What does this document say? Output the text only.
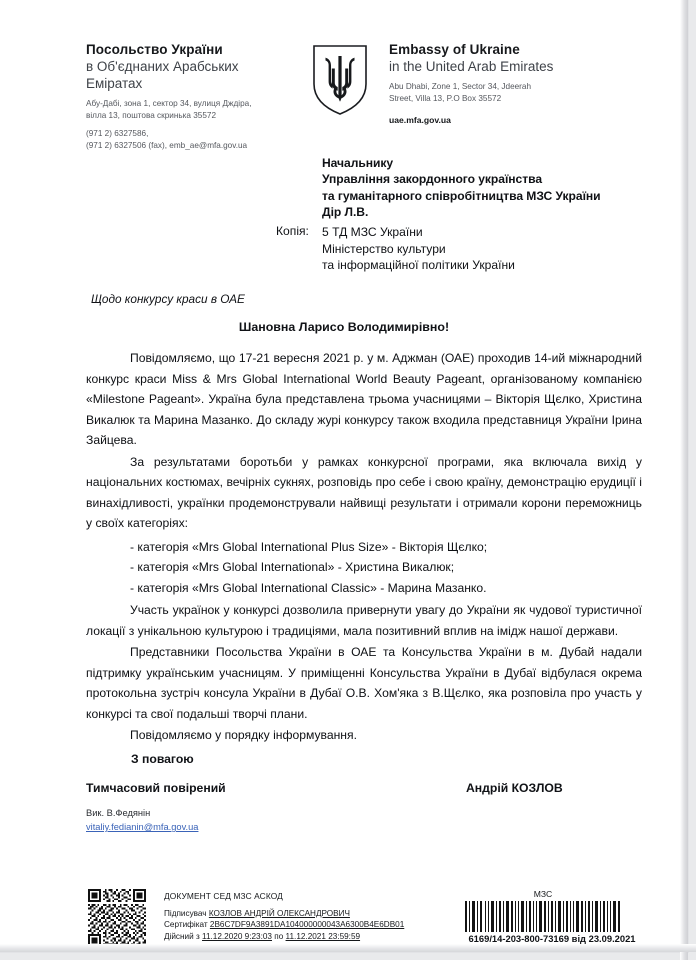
Посольство України
в Об'єднаних Арабських
Еміратах
Абу-Дабі, зона 1, сектор 34, вулиця Дждіра,
вілла 13, поштова скринька 35572
(971 2) 6327586,
(971 2) 6327506 (fax), emb_ae@mfa.gov.ua
Embassy of Ukraine
in the United Arab Emirates
Abu Dhabi, Zone 1, Sector 34, Jdeerah
Street, Villa 13, P.O Box 35572
uae.mfa.gov.ua
Начальнику
Управління закордонного українства
та гуманітарного співробітництва МЗС України
Дір Л.В.
Копія: 5 ТД МЗС України
Міністерство культури
та інформаційної політики України
Щодо конкурсу краси в ОАЕ
Шановна Ларисо Володимирівно!

Повідомляємо, що 17-21 вересня 2021 р. у м. Аджман (ОАЕ) проходив 14-ий міжнародний конкурс краси Miss & Mrs Global International World Beauty Pageant, організованому компанією «Milestone Pageant». Україна була представлена трьома учасницями – Вікторія Щєлко, Христина Викалюк та Марина Мазанко. До складу журі конкурсу також входила представниця України Ірина Зайцева.

За результатами боротьби у рамках конкурсної програми, яка включала вихід у національних костюмах, вечірніх сукнях, розповідь про себе і свою країну, демонстрацію ерудиції і винахідливості, українки продемонстрували найвищі результати і отримали корони переможниць у своїх категоріях:

- категорія «Mrs Global International Plus Size» - Вікторія Щєлко;
- категорія «Mrs Global International» - Христина Викалюк;
- категорія «Mrs Global International Classic» - Марина Мазанко.

Участь українок у конкурсі дозволила привернути увагу до України як чудової туристичної локації з унікальною культурою і традиціями, мала позитивний вплив на імідж нашої держави.

Представники Посольства України в ОАЕ та Консульства України в м. Дубай надали підтримку українським учасницям. У приміщенні Консульства України в Дубаї відбулася окрема протокольна зустріч консула України в Дубаї О.В. Хом'яка з В.Щєлко, яка розповіла про участь у конкурсі та свої подальші творчі плани.

Повідомляємо у порядку інформування.

З повагою
Тимчасовий повірений	Андрій КОЗЛОВ
Вик. В.Федянін
vitaliy.fedianin@mfa.gov.ua
ДОКУМЕНТ СЕД МЗС АСКОД
Підписувач КОЗЛОВ АНДРІЙ ОЛЕКСАНДРОВИЧ
Сертифікат 2B6C7DF9A3891DA104000000043A6300B4E6DB01
Дійсний з 11.12.2020 9:23:03 по 11.12.2021 23:59:59
МЗС
6169/14-203-800-73169 від 23.09.2021
